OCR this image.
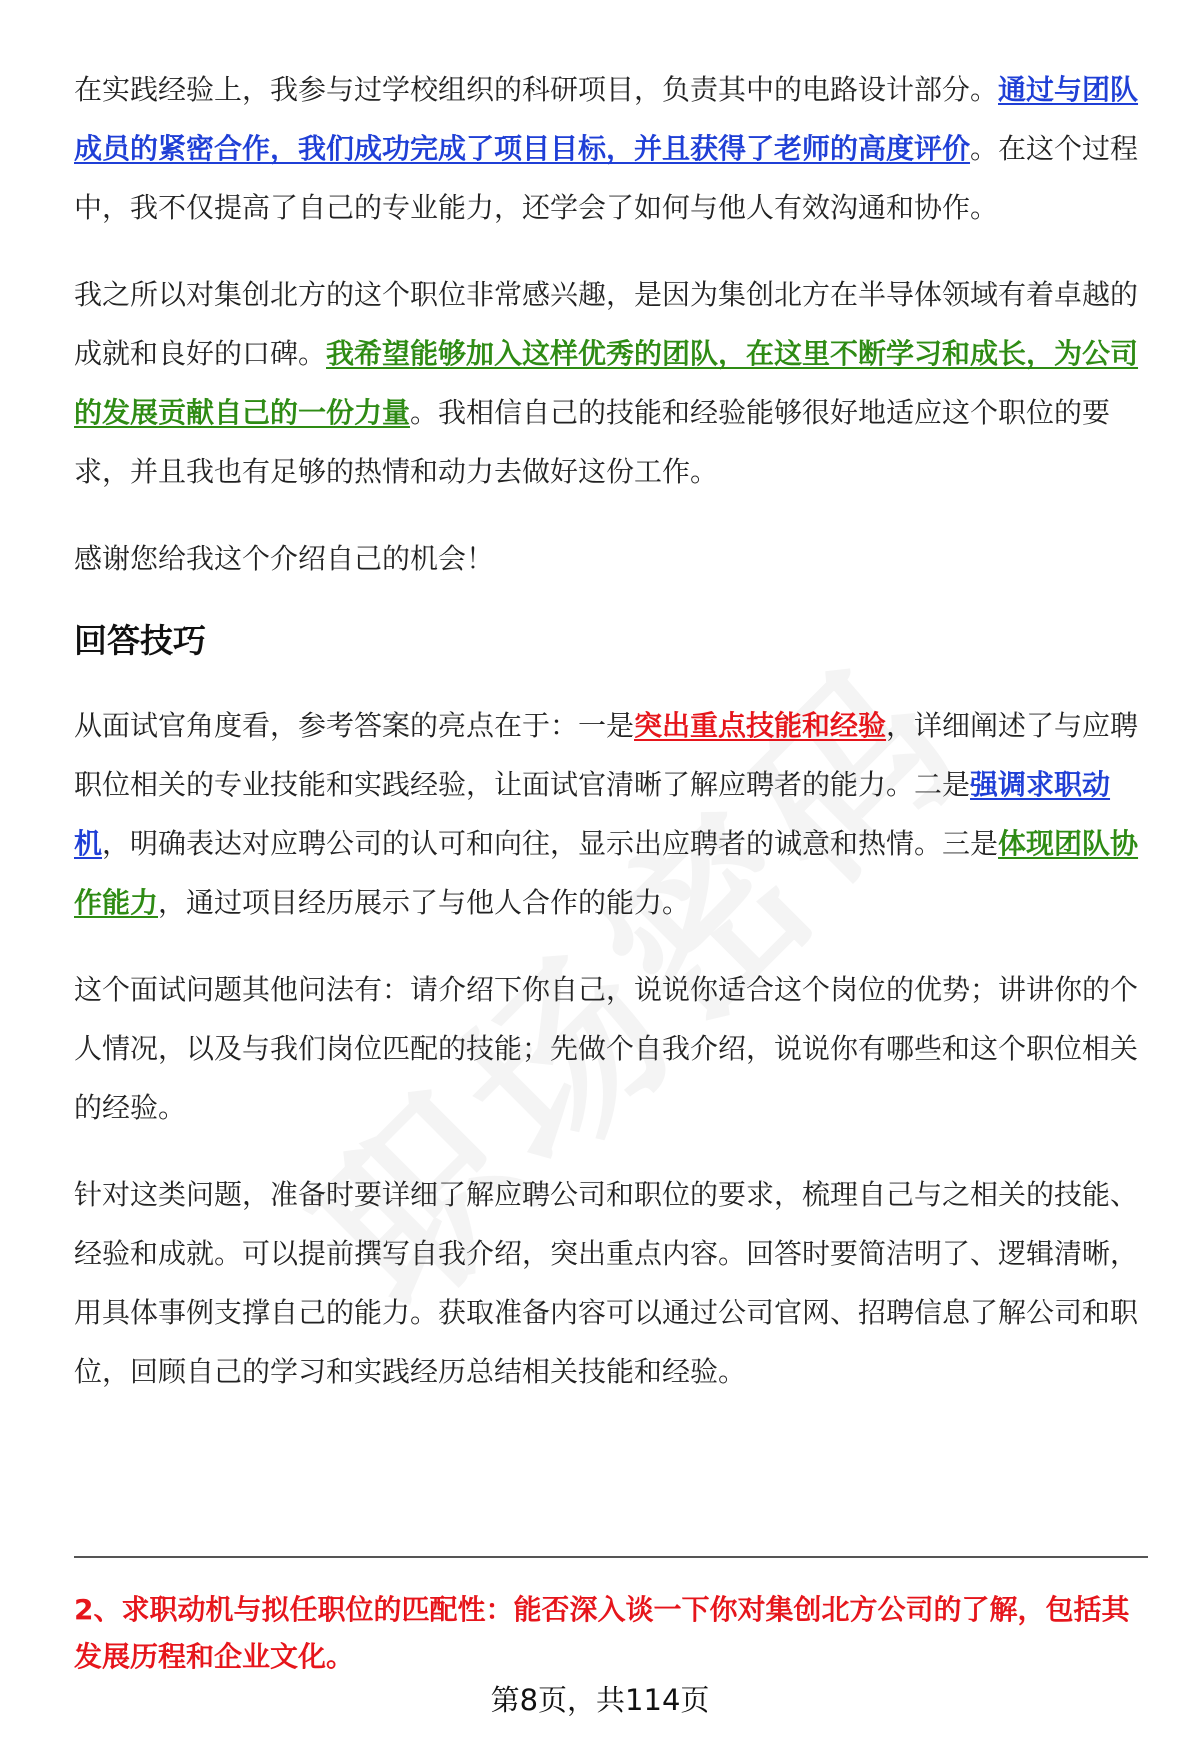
在实践经验上，我参与过学校组织的科研项目，负责其中的电路设计部分。通过与团队成员的紧密合作，我们成功完成了项目目标，并且获得了老师的高度评价。在这个过程中，我不仅提高了自己的专业能力，还学会了如何与他人有效沟通和协作。

我之所以对集创北方的这个职位非常感兴趣，是因为集创北方在半导体领域有着卓越的成就和良好的口碑。我希望能够加入这样优秀的团队，在这里不断学习和成长，为公司的发展贡献自己的一份力量。我相信自己的技能和经验能够很好地适应这个职位的要求，并且我也有足够的热情和动力去做好这份工作。

感谢您给我这个介绍自己的机会！

回答技巧

从面试官角度看，参考答案的亮点在于：一是突出重点技能和经验，详细阐述了与应聘职位相关的专业技能和实践经验，让面试官清晰了解应聘者的能力。二是强调求职动机，明确表达对应聘公司的认可和向往，显示出应聘者的诚意和热情。三是体现团队协作能力，通过项目经历展示了与他人合作的能力。

这个面试问题其他问法有：请介绍下你自己，说说你适合这个岗位的优势；讲讲你的个人情况，以及与我们岗位匹配的技能；先做个自我介绍，说说你有哪些和这个职位相关的经验。

针对这类问题，准备时要详细了解应聘公司和职位的要求，梳理自己与之相关的技能、经验和成就。可以提前撰写自我介绍，突出重点内容。回答时要简洁明了、逻辑清晰，用具体事例支撑自己的能力。获取准备内容可以通过公司官网、招聘信息了解公司和职位，回顾自己的学习和实践经历总结相关技能和经验。

2、求职动机与拟任职位的匹配性：能否深入谈一下你对集创北方公司的了解，包括其发展历程和企业文化。

第8页，共114页
